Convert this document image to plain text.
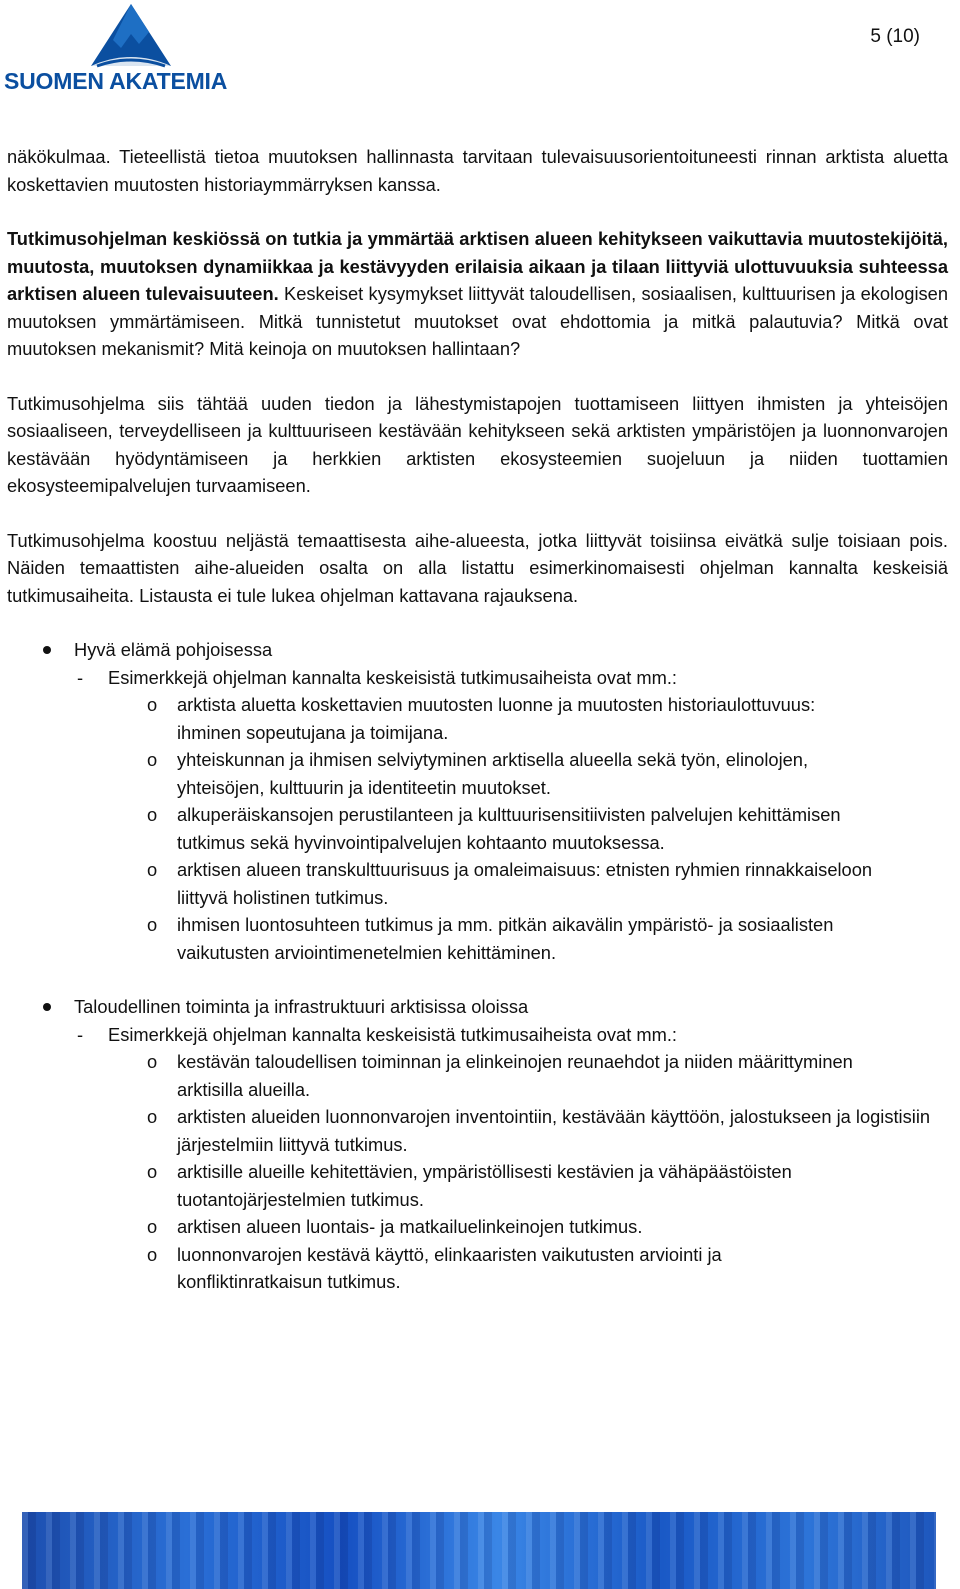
SUOMEN AKATEMIA
5 (10)

näkökulmaa. Tieteellistä tietoa muutoksen hallinnasta tarvitaan tulevaisuusorientoituneesti rinnan arktista aluetta koskettavien muutosten historiaymmärryksen kanssa.

Tutkimusohjelman keskiössä on tutkia ja ymmärtää arktisen alueen kehitykseen vaikuttavia muutostekijöitä, muutosta, muutoksen dynamiikkaa ja kestävyyden erilaisia aikaan ja tilaan liittyviä ulottuvuuksia suhteessa arktisen alueen tulevaisuuteen. Keskeiset kysymykset liittyvät taloudellisen, sosiaalisen, kulttuurisen ja ekologisen muutoksen ymmärtämiseen. Mitkä tunnistetut muutokset ovat ehdottomia ja mitkä palautuvia? Mitkä ovat muutoksen mekanismit? Mitä keinoja on muutoksen hallintaan?

Tutkimusohjelma siis tähtää uuden tiedon ja lähestymistapojen tuottamiseen liittyen ihmisten ja yhteisöjen sosiaaliseen, terveydelliseen ja kulttuuriseen kestävään kehitykseen sekä arktisten ympäristöjen ja luonnonvarojen kestävään hyödyntämiseen ja herkkien arktisten ekosysteemien suojeluun ja niiden tuottamien ekosysteemipalvelujen turvaamiseen.

Tutkimusohjelma koostuu neljästä temaattisesta aihe-alueesta, jotka liittyvät toisiinsa eivätkä sulje toisiaan pois. Näiden temaattisten aihe-alueiden osalta on alla listattu esimerkinomaisesti ohjelman kannalta keskeisiä tutkimusaiheita. Listausta ei tule lukea ohjelman kattavana rajauksena.

Hyvä elämä pohjoisessa
- Esimerkkejä ohjelman kannalta keskeisistä tutkimusaiheista ovat mm.:
o arktista aluetta koskettavien muutosten luonne ja muutosten historiaulottuvuus: ihminen sopeutujana ja toimijana.
o yhteiskunnan ja ihmisen selviytyminen arktisella alueella sekä työn, elinolojen, yhteisöjen, kulttuurin ja identiteetin muutokset.
o alkuperäiskansojen perustilanteen ja kulttuurisensitiivisten palvelujen kehittämisen tutkimus sekä hyvinvointipalvelujen kohtaanto muutoksessa.
o arktisen alueen transkulttuurisuus ja omaleimaisuus: etnisten ryhmien rinnakkaiseloon liittyvä holistinen tutkimus.
o ihmisen luontosuhteen tutkimus ja mm. pitkän aikavälin ympäristö- ja sosiaalisten vaikutusten arviointimenetelmien kehittäminen.
Taloudellinen toiminta ja infrastruktuuri arktisissa oloissa
- Esimerkkejä ohjelman kannalta keskeisistä tutkimusaiheista ovat mm.:
o kestävän taloudellisen toiminnan ja elinkeinojen reunaehdot ja niiden määrittyminen arktisilla alueilla.
o arktisten alueiden luonnonvarojen inventointiin, kestävään käyttöön, jalostukseen ja logistisiin järjestelmiin liittyvä tutkimus.
o arktisille alueille kehitettävien, ympäristöllisesti kestävien ja vähäpäästöisten tuotantojärjestelmien tutkimus.
o arktisen alueen luontais- ja matkailuelinkeinojen tutkimus.
o luonnonvarojen kestävä käyttö, elinkaaristen vaikutusten arviointi ja konfliktinratkaisun tutkimus.
